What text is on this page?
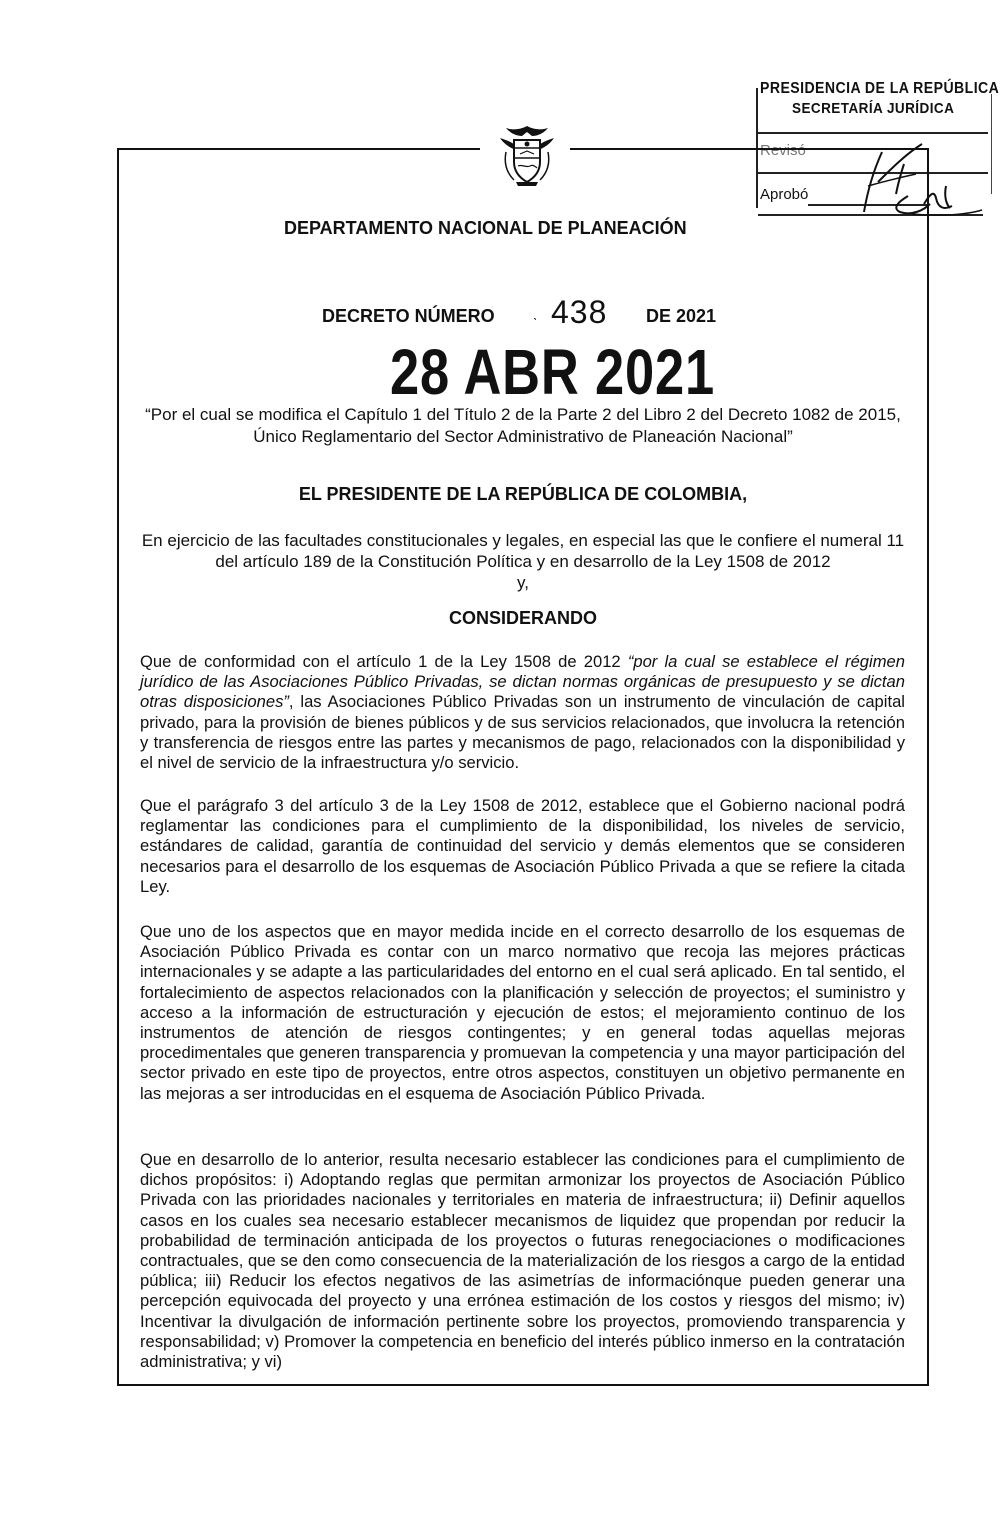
PRESIDENCIA DE LA REPÚBLICA
SECRETARÍA JURÍDICA
Revisó
Aprobó
DEPARTAMENTO NACIONAL DE PLANEACIÓN
DECRETO NÚMERO	ˎ 438 DE 2021
28 ABR 2021
“Por el cual se modifica el Capítulo 1 del Título 2 de la Parte 2 del Libro 2 del Decreto 1082 de 2015, Único Reglamentario del Sector Administrativo de Planeación Nacional”
EL PRESIDENTE DE LA REPÚBLICA DE COLOMBIA,
En ejercicio de las facultades constitucionales y legales, en especial las que le confiere el numeral 11 del artículo 189 de la Constitución Política y en desarrollo de la Ley 1508 de 2012
y,
CONSIDERANDO
Que de conformidad con el artículo 1 de la Ley 1508 de 2012 “por la cual se establece el régimen jurídico de las Asociaciones Público Privadas, se dictan normas orgánicas de presupuesto y se dictan otras disposiciones”, las Asociaciones Público Privadas son un instrumento de vinculación de capital privado, para la provisión de bienes públicos y de sus servicios relacionados, que involucra la retención y transferencia de riesgos entre las partes y mecanismos de pago, relacionados con la disponibilidad y el nivel de servicio de la infraestructura y/o servicio.
Que el parágrafo 3 del artículo 3 de la Ley 1508 de 2012, establece que el Gobierno nacional podrá reglamentar las condiciones para el cumplimiento de la disponibilidad, los niveles de servicio, estándares de calidad, garantía de continuidad del servicio y demás elementos que se consideren necesarios para el desarrollo de los esquemas de Asociación Público Privada a que se refiere la citada Ley.
Que uno de los aspectos que en mayor medida incide en el correcto desarrollo de los esquemas de Asociación Público Privada es contar con un marco normativo que recoja las mejores prácticas internacionales y se adapte a las particularidades del entorno en el cual será aplicado. En tal sentido, el fortalecimiento de aspectos relacionados con la planificación y selección de proyectos; el suministro y acceso a la información de estructuración y ejecución de estos; el mejoramiento continuo de los instrumentos de atención de riesgos contingentes; y en general todas aquellas mejoras procedimentales que generen transparencia y promuevan la competencia y una mayor participación del sector privado en este tipo de proyectos, entre otros aspectos, constituyen un objetivo permanente en las mejoras a ser introducidas en el esquema de Asociación Público Privada.
Que en desarrollo de lo anterior, resulta necesario establecer las condiciones para el cumplimiento de dichos propósitos: i) Adoptando reglas que permitan armonizar los proyectos de Asociación Público Privada con las prioridades nacionales y territoriales en materia de infraestructura; ii) Definir aquellos casos en los cuales sea necesario establecer mecanismos de liquidez que propendan por reducir la probabilidad de terminación anticipada de los proyectos o futuras renegociaciones o modificaciones contractuales, que se den como consecuencia de la materialización de los riesgos a cargo de la entidad pública; iii) Reducir los efectos negativos de las asimetrías de informaciónque pueden generar una percepción equivocada del proyecto y una errónea estimación de los costos y riesgos del mismo; iv) Incentivar la divulgación de información pertinente sobre los proyectos, promoviendo transparencia y responsabilidad; v) Promover la competencia en beneficio del interés público inmerso en la contratación administrativa; y vi)
